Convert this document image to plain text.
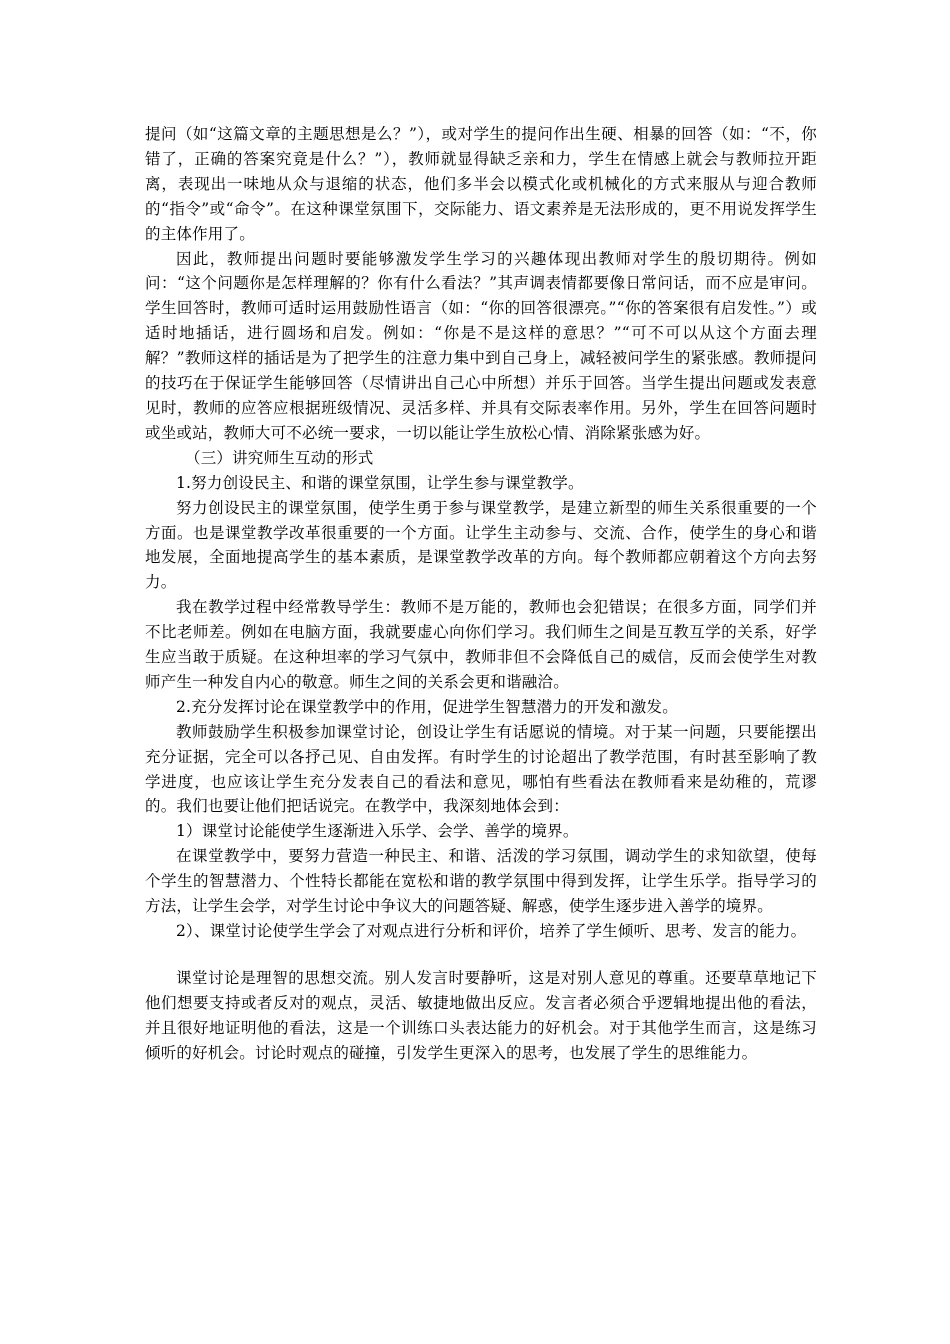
提问（如“这篇文章的主题思想是么？”），或对学生的提问作出生硬、相暴的回答（如：“不，你错了，正确的答案究竟是什么？”），教师就显得缺乏亲和力，学生在情感上就会与教师拉开距离，表现出一味地从众与退缩的状态，他们多半会以模式化或机械化的方式来服从与迎合教师的“指令”或“命令”。在这种课堂氛围下，交际能力、语文素养是无法形成的，更不用说发挥学生的主体作用了。

因此，教师提出问题时要能够激发学生学习的兴趣体现出教师对学生的殷切期待。例如问：“这个问题你是怎样理解的？你有什么看法？”其声调表情都要像日常问话，而不应是审问。学生回答时，教师可适时运用鼓励性语言（如：“你的回答很漂亮。”“你的答案很有启发性。”）或适时地插话，进行圆场和启发。例如：“你是不是这样的意思？”“可不可以从这个方面去理解？”教师这样的插话是为了把学生的注意力集中到自己身上，减轻被问学生的紧张感。教师提问的技巧在于保证学生能够回答（尽情讲出自己心中所想）并乐于回答。当学生提出问题或发表意见时，教师的应答应根据班级情况、灵活多样、并具有交际表率作用。另外，学生在回答问题时或坐或站，教师大可不必统一要求，一切以能让学生放松心情、消除紧张感为好。

（三）讲究师生互动的形式

1.努力创设民主、和谐的课堂氛围，让学生参与课堂教学。

努力创设民主的课堂氛围，使学生勇于参与课堂教学，是建立新型的师生关系很重要的一个方面。也是课堂教学改革很重要的一个方面。让学生主动参与、交流、合作，使学生的身心和谐地发展，全面地提高学生的基本素质，是课堂教学改革的方向。每个教师都应朝着这个方向去努力。

我在教学过程中经常教导学生：教师不是万能的，教师也会犯错误；在很多方面，同学们并不比老师差。例如在电脑方面，我就要虚心向你们学习。我们师生之间是互教互学的关系，好学生应当敢于质疑。在这种坦率的学习气氛中，教师非但不会降低自己的威信，反而会使学生对教师产生一种发自内心的敬意。师生之间的关系会更和谐融洽。

2.充分发挥讨论在课堂教学中的作用，促进学生智慧潜力的开发和激发。

教师鼓励学生积极参加课堂讨论，创设让学生有话愿说的情境。对于某一问题，只要能摆出充分证据，完全可以各抒己见、自由发挥。有时学生的讨论超出了教学范围，有时甚至影响了教学进度，也应该让学生充分发表自己的看法和意见，哪怕有些看法在教师看来是幼稚的，荒谬的。我们也要让他们把话说完。在教学中，我深刻地体会到：

1）课堂讨论能使学生逐渐进入乐学、会学、善学的境界。

在课堂教学中，要努力营造一种民主、和谐、活泼的学习氛围，调动学生的求知欲望，使每个学生的智慧潜力、个性特长都能在宽松和谐的教学氛围中得到发挥，让学生乐学。指导学习的方法，让学生会学，对学生讨论中争议大的问题答疑、解惑，使学生逐步进入善学的境界。

2）、课堂讨论使学生学会了对观点进行分析和评价，培养了学生倾听、思考、发言的能力。

课堂讨论是理智的思想交流。别人发言时要静听，这是对别人意见的尊重。还要草草地记下他们想要支持或者反对的观点，灵活、敏捷地做出反应。发言者必须合乎逻辑地提出他的看法，并且很好地证明他的看法，这是一个训练口头表达能力的好机会。对于其他学生而言，这是练习倾听的好机会。讨论时观点的碰撞，引发学生更深入的思考，也发展了学生的思维能力。
